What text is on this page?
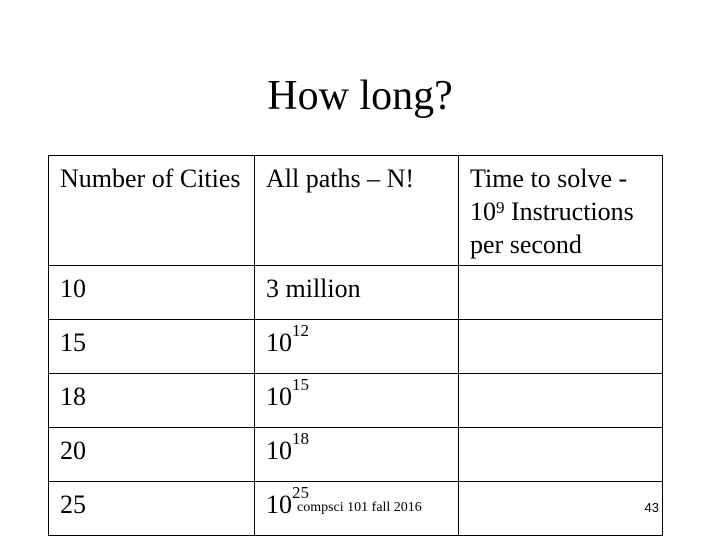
How long?
Number of Cities	All paths – N!	Time to solve - $10^9$ Instructions per second
10	3 million	
15	$10^{12}$	
18	$10^{15}$	
20	$10^{18}$	
25	$10^{25}$	
compsci 101 fall 2016	43
